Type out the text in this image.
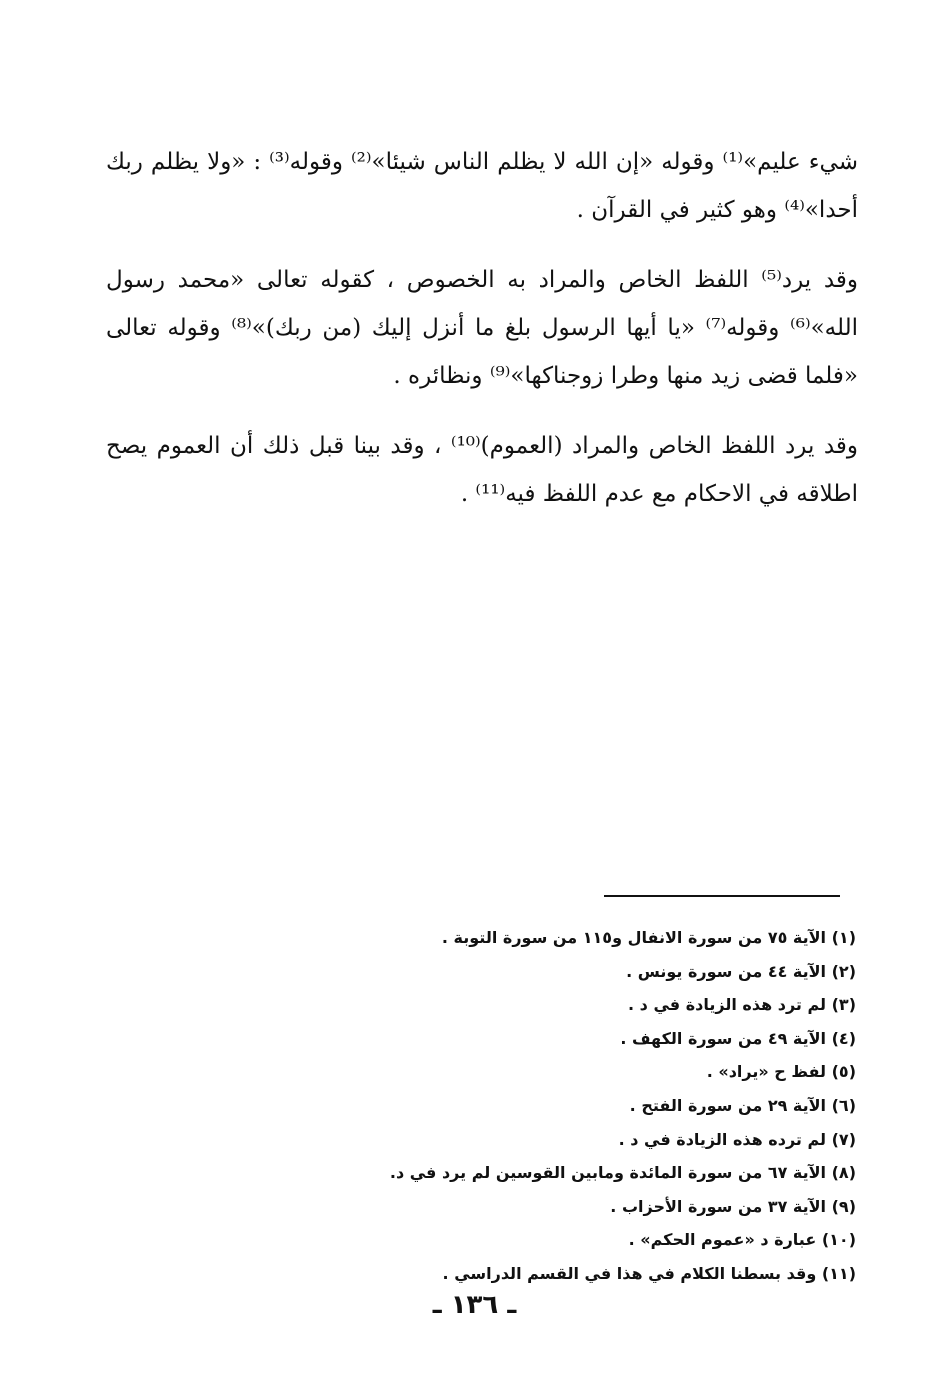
شيء عليم»⁽¹⁾ وقوله «إن الله لا يظلم الناس شيئا»⁽²⁾ وقوله⁽³⁾ : «ولا يظلم ربك أحدا»⁽⁴⁾ وهو كثير في القرآن .

وقد يرد⁽⁵⁾ اللفظ الخاص والمراد به الخصوص ، كقوله تعالى «محمد رسول الله»⁽⁶⁾ وقوله⁽⁷⁾ «يا أيها الرسول بلغ ما أنزل إليك (من ربك)»⁽⁸⁾ وقوله تعالى «فلما قضى زيد منها وطرا زوجناكها»⁽⁹⁾ ونظائره .

وقد يرد اللفظ الخاص والمراد (العموم)⁽¹⁰⁾ ، وقد بينا قبل ذلك أن العموم يصح اطلاقه في الاحكام مع عدم اللفظ فيه⁽¹¹⁾ .

(١) الآية ٧٥ من سورة الانفال و١١٥ من سورة التوبة .
(٢) الآية ٤٤ من سورة يونس .
(٣) لم ترد هذه الزيادة في د .
(٤) الآية ٤٩ من سورة الكهف .
(٥) لفظ ح «يراد» .
(٦) الآية ٢٩ من سورة الفتح .
(٧) لم ترده هذه الزيادة في د .
(٨) الآية ٦٧ من سورة المائدة ومابين القوسين لم يرد في د.
(٩) الآية ٣٧ من سورة الأحزاب .
(١٠) عبارة د «عموم الحكم» .
(١١) وقد بسطنا الكلام في هذا في القسم الدراسي .
ـ ١٣٦ ـ
